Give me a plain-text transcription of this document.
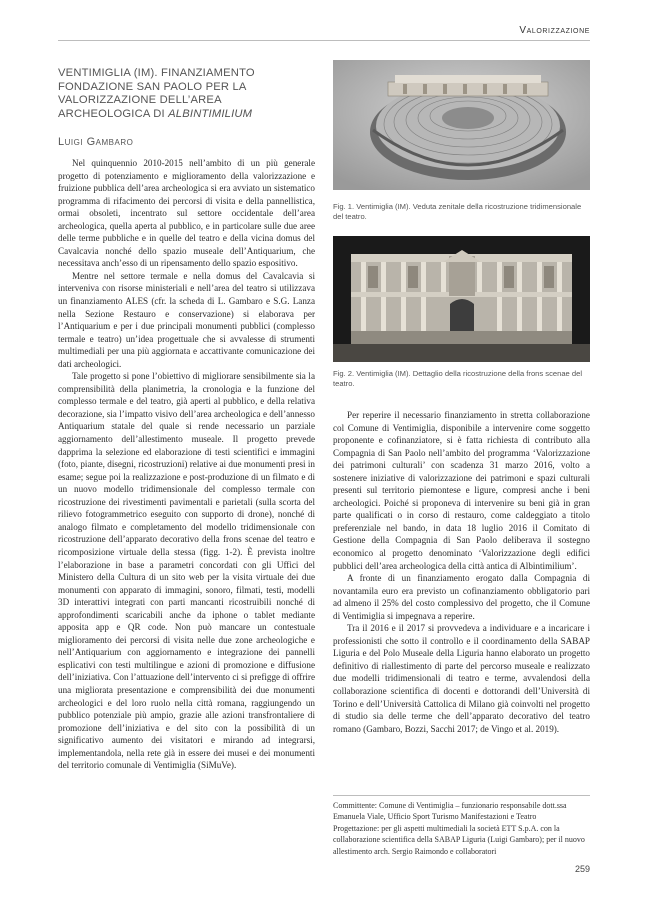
Valorizzazione
VENTIMIGLIA (IM). FINANZIAMENTO FONDAZIONE SAN PAOLO PER LA VALORIZZAZIONE DELL’AREA ARCHEOLOGICA DI ALBINTIMILIUM
Luigi Gambaro

Nel quinquennio 2010-2015 nell’ambito di un più generale progetto di potenziamento e miglioramento della valorizzazione e fruizione pubblica dell’area archeologica si era avviato un sistematico programma di rifacimento dei percorsi di visita e della pannellistica, ormai obsoleti, incentrato sul settore occidentale dell’area archeologica, quella aperta al pubblico, e in particolare sulle due aree delle terme pubbliche e in quelle del teatro e della vicina domus del Cavalcavia nonché dello spazio museale dell’Antiquarium, che necessitava anch’esso di un ripensamento dello spazio espositivo.

Mentre nel settore termale e nella domus del Cavalcavia si interveniva con risorse ministeriali e nell’area del teatro si utilizzava un finanziamento ALES (cfr. la scheda di L. Gambaro e S.G. Lanza nella Sezione Restauro e conservazione) si elaborava per l’Antiquarium e per i due principali monumenti pubblici (complesso termale e teatro) un’idea progettuale che si avvalesse di strumenti multimediali per una più aggiornata e accattivante comunicazione dei dati archeologici.

Tale progetto si pone l’obiettivo di migliorare sensibilmente sia la comprensibilità della planimetria, la cronologia e la funzione del complesso termale e del teatro, già aperti al pubblico, e della relativa decorazione, sia l’impatto visivo dell’area archeologica e dell’annesso Antiquarium statale del quale si rende necessario un parziale aggiornamento dell’allestimento museale. Il progetto prevede dapprima la selezione ed elaborazione di testi scientifici e immagini (foto, piante, disegni, ricostruzioni) relative ai due monumenti presi in esame; segue poi la realizzazione e post-produzione di un filmato e di un nuovo modello tridimensionale del complesso termale con ricostruzione dei rivestimenti pavimentali e parietali (sulla scorta del rilievo fotogrammetrico eseguito con supporto di drone), nonché di analogo filmato e completamento del modello tridimensionale con ricostruzione dell’apparato decorativo della frons scenae del teatro e ricomposizione virtuale della stessa (figg. 1-2). È prevista inoltre l’elaborazione in base a parametri concordati con gli Uffici del Ministero della Cultura di un sito web per la visita virtuale dei due monumenti con apparato di immagini, sonoro, filmati, testi, modelli 3D interattivi integrati con parti mancanti ricostruibili nonché di approfondimenti scaricabili anche da iphone o tablet mediante apposita app e QR code. Non può mancare un contestuale miglioramento dei percorsi di visita nelle due zone archeologiche e nell’Antiquarium con aggiornamento e integrazione dei pannelli esplicativi con testi multilingue e azioni di promozione e diffusione dell’iniziativa. Con l’attuazione dell’intervento ci si prefigge di offrire una migliorata presentazione e comprensibilità dei due monumenti archeologici e del loro ruolo nella città romana, raggiungendo un pubblico potenziale più ampio, grazie alle azioni transfrontaliere di promozione dell’iniziativa e del sito con la possibilità di un significativo aumento dei visitatori e mirando ad integrarsi, implementandola, nella rete già in essere dei musei e dei monumenti del territorio comunale di Ventimiglia (SiMuVe).

Fig. 1. Ventimiglia (IM). Veduta zenitale della ricostruzione tridimensionale del teatro.
Fig. 2. Ventimiglia (IM). Dettaglio della ricostruzione della frons scenae del teatro.

Per reperire il necessario finanziamento in stretta collaborazione col Comune di Ventimiglia, disponibile a intervenire come soggetto proponente e cofinanziatore, si è fatta richiesta di contributo alla Compagnia di San Paolo nell’ambito del programma ‘Valorizzazione dei patrimoni culturali’ con scadenza 31 marzo 2016, volto a sostenere iniziative di valorizzazione dei patrimoni e spazi culturali presenti sul territorio piemontese e ligure, compresi anche i beni archeologici. Poiché si proponeva di intervenire su beni già in gran parte qualificati o in corso di restauro, come caldeggiato a titolo preferenziale nel bando, in data 18 luglio 2016 il Comitato di Gestione della Compagnia di San Paolo deliberava il sostegno economico al progetto denominato ‘Valorizzazione degli edifici pubblici dell’area archeologica della città antica di Albintimilium’.

A fronte di un finanziamento erogato dalla Compagnia di novantamila euro era previsto un cofinanziamento obbligatorio pari ad almeno il 25% del costo complessivo del progetto, che il Comune di Ventimiglia si impegnava a reperire.

Tra il 2016 e il 2017 si provvedeva a individuare e a incaricare i professionisti che sotto il controllo e il coordinamento della SABAP Liguria e del Polo Museale della Liguria hanno elaborato un progetto definitivo di riallestimento di parte del percorso museale e realizzato due modelli tridimensionali di teatro e terme, avvalendosi della collaborazione scientifica di docenti e dottorandi dell’Università di Torino e dell’Università Cattolica di Milano già coinvolti nel progetto di studio sia delle terme che dell’apparato decorativo del teatro romano (Gambaro, Bozzi, Sacchi 2017; de Vingo et al. 2019).

Committente: Comune di Ventimiglia – funzionario responsabile dott.ssa Emanuela Viale, Ufficio Sport Turismo Manifestazioni e Teatro

Progettazione: per gli aspetti multimediali la società ETT S.p.A. con la collaborazione scientifica della SABAP Liguria (Luigi Gambaro); per il nuovo allestimento arch. Sergio Raimondo e collaboratori

259
